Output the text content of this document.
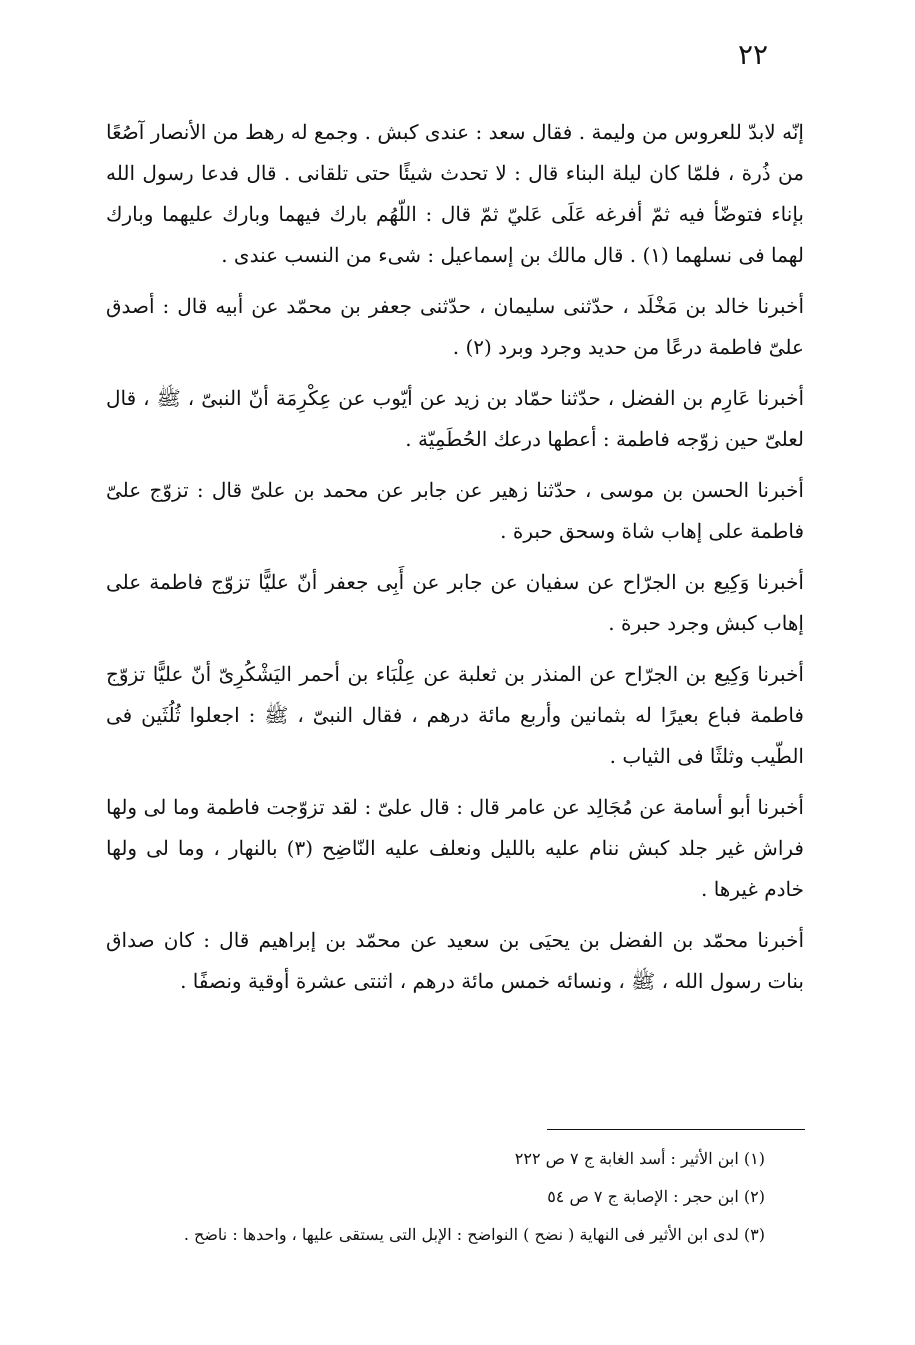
٢٢

إنّه لابدّ للعروس من وليمة . فقال سعد : عندى كبش . وجمع له رهط من الأنصار آصُعًا من ذُرة ، فلمّا كان ليلة البناء قال : لا تحدث شيئًا حتى تلقانى . قال فدعا رسول الله بإناء فتوضّأ فيه ثمّ أفرغه عَلَى عَليّ ثمّ قال : اللّهُم بارك فيهما وبارك عليهما وبارك لهما فى نسلهما (١) . قال مالك بن إسماعيل : شىء من النسب عندى .

أخبرنا خالد بن مَخْلَد ، حدّثنى سليمان ، حدّثنى جعفر بن محمّد عن أبيه قال : أصدق علىّ فاطمة درعًا من حديد وجرد وبرد (٢) .

أخبرنا عَارِم بن الفضل ، حدّثنا حمّاد بن زيد عن أيّوب عن عِكْرِمَة أنّ النبىّ ، ﷺ ، قال لعلىّ حين زوّجه فاطمة : أعطها درعك الحُطَمِيّة .

أخبرنا الحسن بن موسى ، حدّثنا زهير عن جابر عن محمد بن علىّ قال : تزوّج علىّ فاطمة على إهاب شاة وسحق حبرة .

أخبرنا وَكِيع بن الجرّاح عن سفيان عن جابر عن أَبِى جعفر أنّ عليًّا تزوّج فاطمة على إهاب كبش وجرد حبرة .

أخبرنا وَكِيع بن الجرّاح عن المنذر بن ثعلبة عن عِلْبَاء بن أحمر اليَشْكُرِىّ أنّ عليًّا تزوّج فاطمة فباع بعيرًا له بثمانين وأربع مائة درهم ، فقال النبىّ ، ﷺ : اجعلوا ثُلُثَين فى الطّيب وثلثًا فى الثياب .

أخبرنا أبو أسامة عن مُجَالِد عن عامر قال : قال علىّ : لقد تزوّجت فاطمة وما لى ولها فراش غير جلد كبش ننام عليه بالليل ونعلف عليه النّاضِح (٣) بالنهار ، وما لى ولها خادم غيرها .

أخبرنا محمّد بن الفضل بن يحيَى بن سعيد عن محمّد بن إبراهيم قال : كان صداق بنات رسول الله ، ﷺ ، ونسائه خمس مائة درهم ، اثنتى عشرة أوقية ونصفًا .

(١) ابن الأثير : أسد الغابة ج ٧ ص ٢٢٢

(٢) ابن حجر : الإصابة ج ٧ ص ٥٤

(٣) لدى ابن الأثير فى النهاية ( نضح ) النواضح : الإبل التى يستقى عليها ، واحدها : ناضح .
